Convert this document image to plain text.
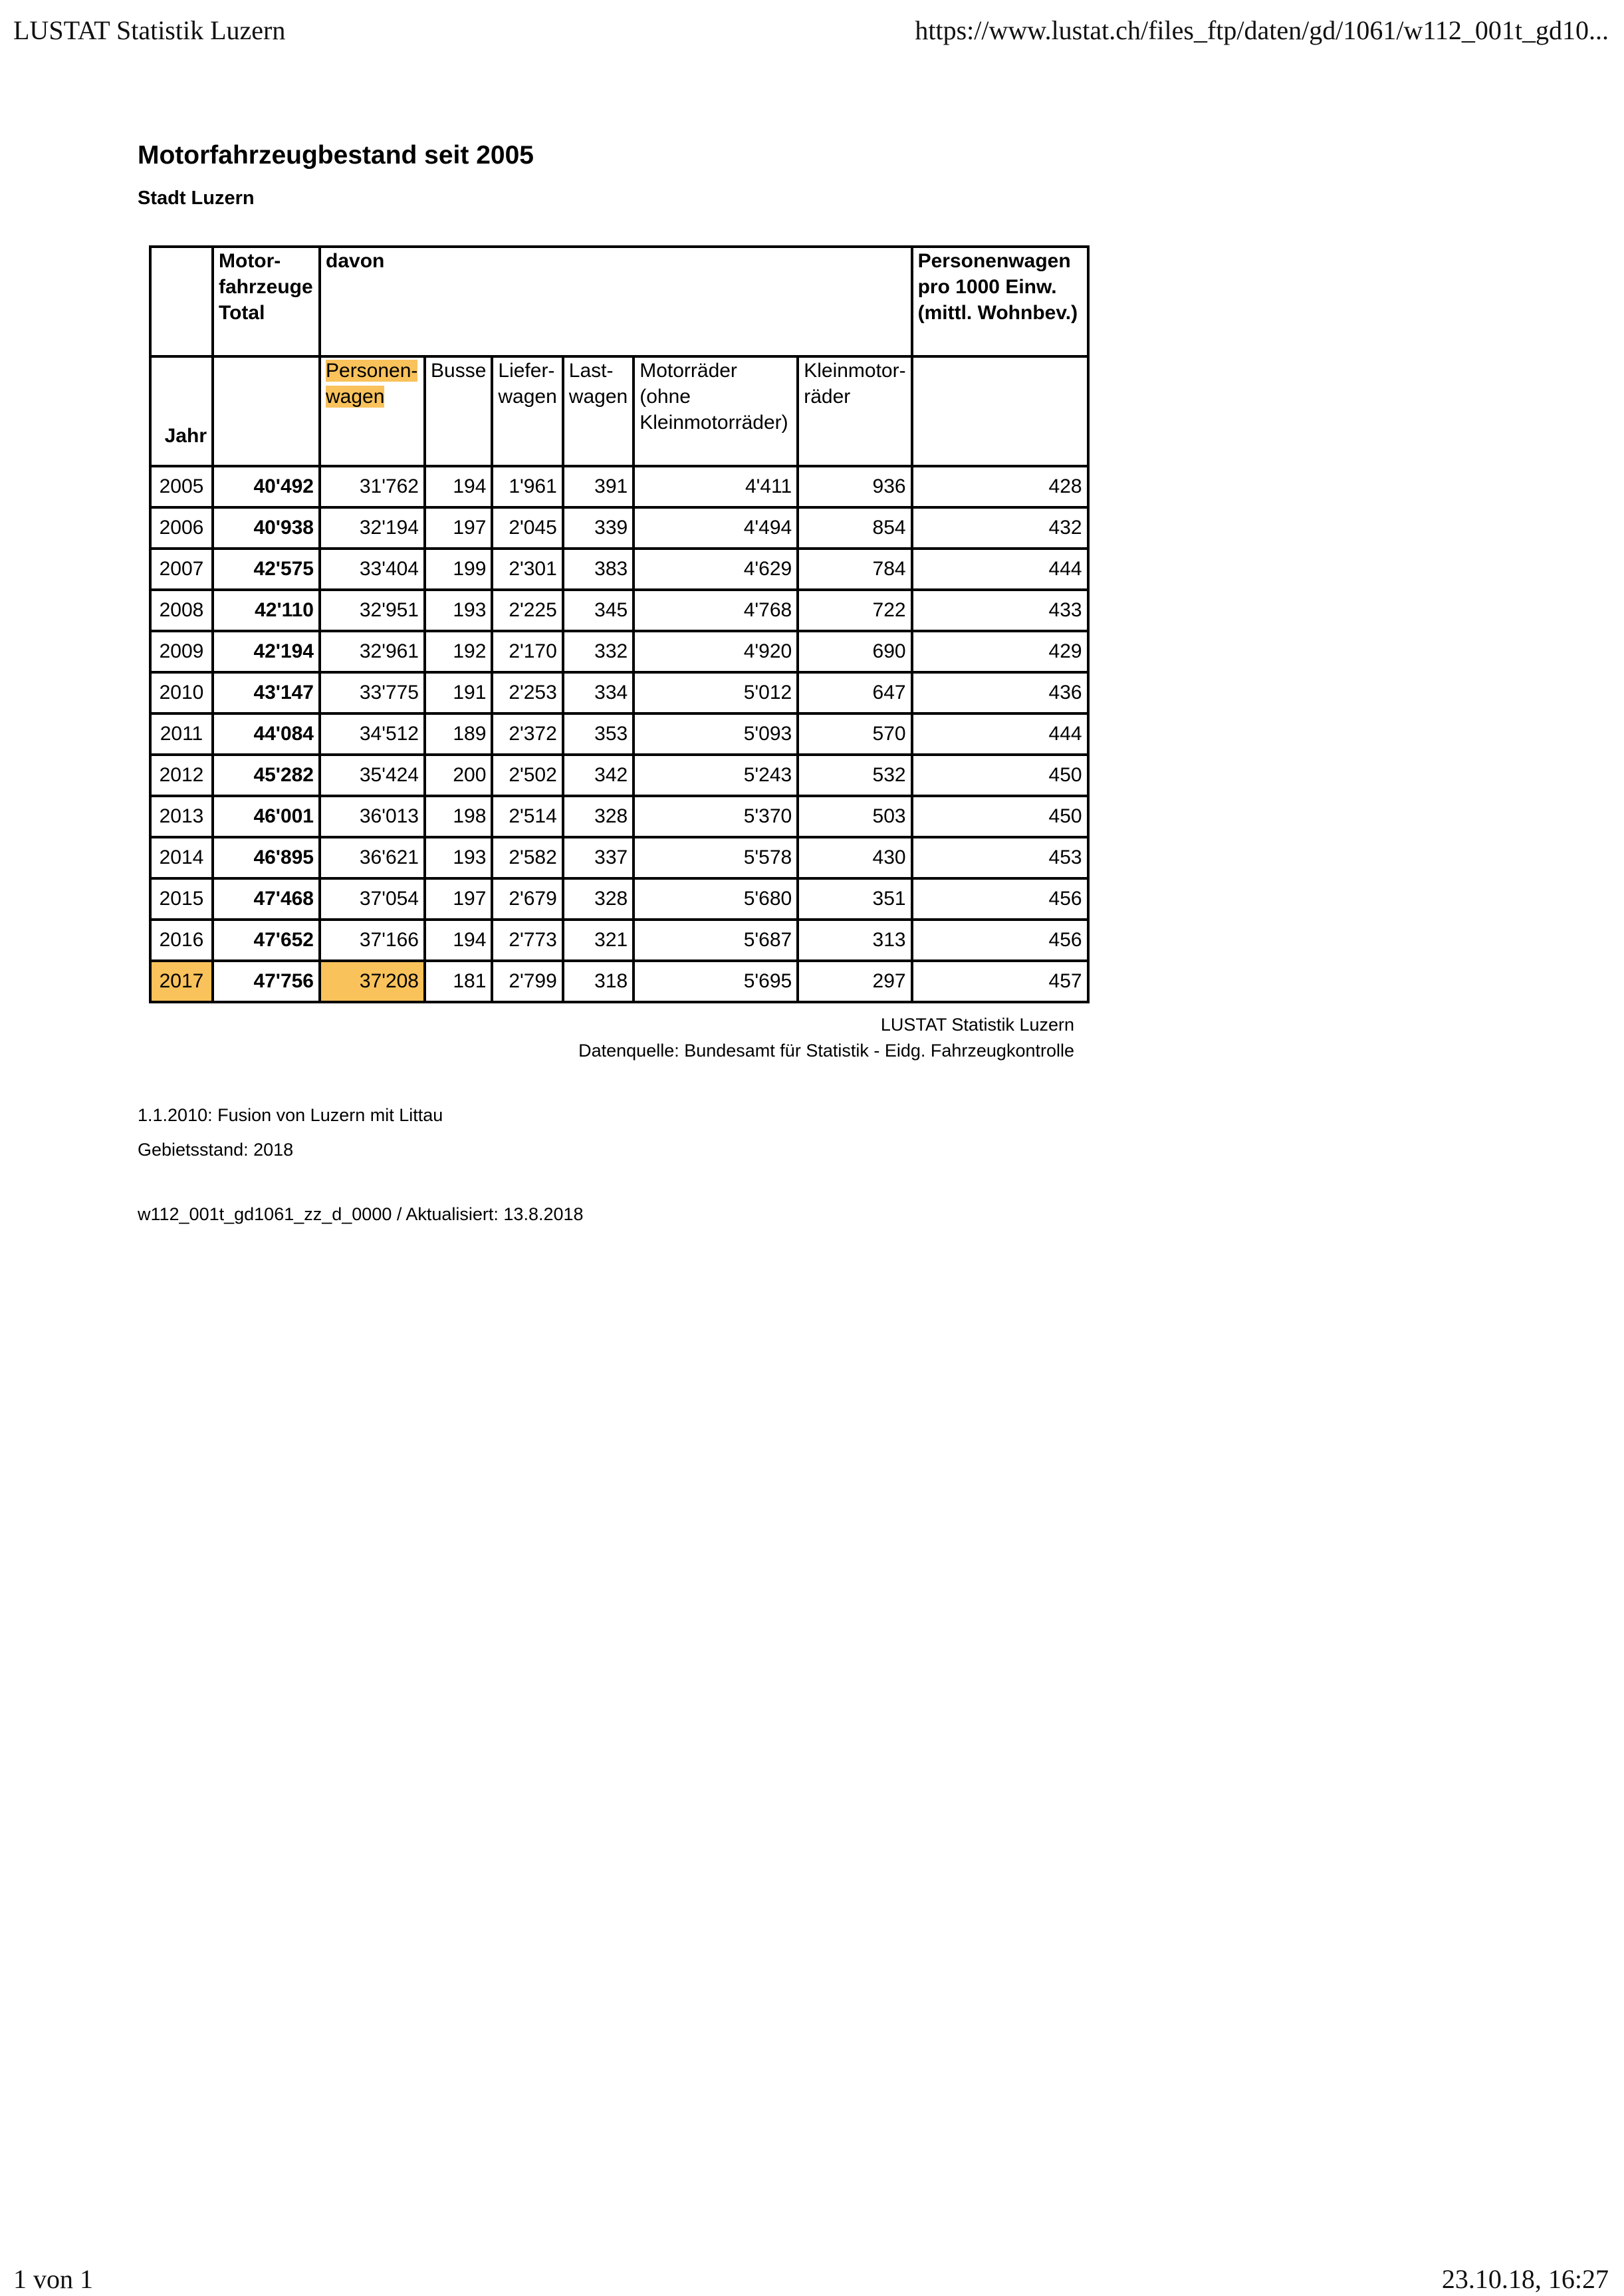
LUSTAT Statistik Luzern	https://www.lustat.ch/files_ftp/daten/gd/1061/w112_001t_gd10...
Motorfahrzeugbestand seit 2005
Stadt Luzern
	Motor- fahrzeuge Total	davon						Personenwagen pro 1000 Einw. (mittl. Wohnbev.)
Jahr		Personen- wagen	Busse	Liefer- wagen	Last- wagen	Motorräder (ohne Kleinmotorräder)	Kleinmotor- räder	
2005	40'492	31'762	194	1'961	391	4'411	936	428
2006	40'938	32'194	197	2'045	339	4'494	854	432
2007	42'575	33'404	199	2'301	383	4'629	784	444
2008	42'110	32'951	193	2'225	345	4'768	722	433
2009	42'194	32'961	192	2'170	332	4'920	690	429
2010	43'147	33'775	191	2'253	334	5'012	647	436
2011	44'084	34'512	189	2'372	353	5'093	570	444
2012	45'282	35'424	200	2'502	342	5'243	532	450
2013	46'001	36'013	198	2'514	328	5'370	503	450
2014	46'895	36'621	193	2'582	337	5'578	430	453
2015	47'468	37'054	197	2'679	328	5'680	351	456
2016	47'652	37'166	194	2'773	321	5'687	313	456
2017	47'756	37'208	181	2'799	318	5'695	297	457
LUSTAT Statistik Luzern
Datenquelle: Bundesamt für Statistik - Eidg. Fahrzeugkontrolle
1.1.2010: Fusion von Luzern mit Littau
Gebietsstand: 2018
w112_001t_gd1061_zz_d_0000 / Aktualisiert: 13.8.2018
1 von 1	23.10.18, 16:27
